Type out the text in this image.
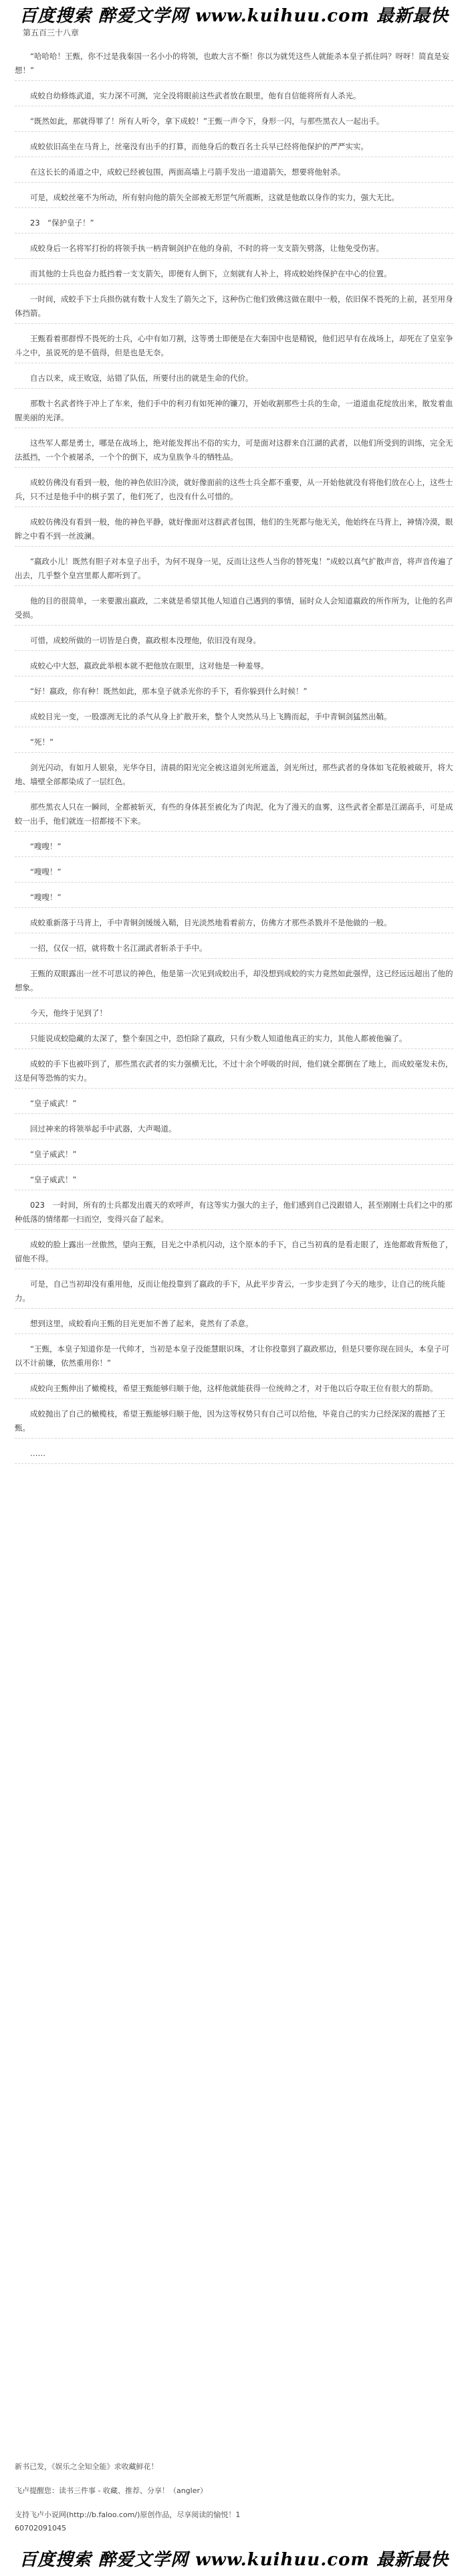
百度搜索 醉爱文学网 www.kuihuu.com 最新最快
第五百三十八章

“哈哈哈！王甄，你不过是我秦国一名小小的将领，也敢大言不惭！你以为就凭这些人就能杀本皇子抓住吗？呀呀！简直是妄想！”

成蛟自幼修炼武道，实力深不可测，完全没将眼前这些武者放在眼里，他有自信能将所有人杀光。

“既然如此，那就得罪了！所有人听令，拿下成蛟！”王甄一声令下，身形一闪，与那些黑衣人一起出手。

成蛟依旧高坐在马背上，丝毫没有出手的打算，而他身后的数百名士兵早已经将他保护的严严实实。

在这长长的甬道之中，成蛟已经被包围，两面高墙上弓箭手发出一道道箭矢，想要将他射杀。

可是，成蛟丝毫不为所动，所有射向他的箭矢全部被无形罡气所震断，这就是他敢以身作的实力，强大无比。

23　“保护皇子！”

成蛟身后一名将军打扮的将领手执一柄青铜剑护在他的身前，不时的将一支支箭矢劈落，让他免受伤害。

而其他的士兵也奋力抵挡着一支支箭矢，即便有人倒下，立刻就有人补上，将成蛟始终保护在中心的位置。

一时间，成蛟手下士兵损伤就有数十人发生了箭矢之下，这种伤亡他们致佛这做在眼中一般，依旧保不畏死的上前，甚至用身体挡箭。

王甄看着那群悍不畏死的士兵，心中有如刀割，这等勇士即便是在大秦国中也是精锐，他们迟早有在战场上，却死在了皇室争斗之中，虽说死的是不值得，但是也是无奈。

自古以来，成王败寇，站错了队伍，所要付出的就是生命的代价。

那数十名武者终于冲上了车来，他们手中的利刃有如死神的镰刀，开始收割那些士兵的生命，一道道血花绽放出来，散发着血腥美丽的光泽。

这些军人都是勇士，哪是在战场上，绝对能发挥出不俗的实力，可是面对这群来自江湖的武者，以他们所受到的训练，完全无法抵挡，一个个被屠杀，一个个的倒下，成为皇族争斗的牺牲品。

成蛟仿佛没有看到一般，他的神色依旧冷淡，就好像面前的这些士兵全都不重要，从一开始他就没有将他们放在心上，这些士兵，只不过是他手中的棋子罢了，他们死了，也没有什么可惜的。

成蛟仿佛没有看到一般，他的神色平静，就好像面对这群武者包围，他们的生死都与他无关，他始终在马背上，神情冷漠，眼眸之中看不到一丝波澜。

“嬴政小儿！既然有胆子对本皇子出手，为何不现身一见，反而让这些人当你的替死鬼！”成蛟以真气扩散声音，将声音传遍了出去，几乎整个皇宫里都人都听到了。

他的目的很简单，一来要激出嬴政，二来就是希望其他人知道自己遇到的事情，届时众人会知道嬴政的所作所为，让他的名声受损。

可惜，成蛟所做的一切皆是白费，嬴政根本没理他，依旧没有现身。

成蛟心中大怒，嬴政此举根本就不把他放在眼里，这对他是一种羞辱。

“好！嬴政，你有种！既然如此，那本皇子就杀光你的手下，看你躲到什么时候！”

成蛟目光一变，一股凛冽无比的杀气从身上扩散开来，整个人突然从马上飞腾而起，手中青铜剑猛然出鞘。

“死！”

剑光闪动，有如月人银泉，光华夺目，清晨的阳光完全被这道剑光所遮盖，剑光所过，那些武者的身体如飞花般被破开，将大地、墙壁全部都染成了一层红色。

那些黑衣人只在一瞬间，全都被斩灭，有些的身体甚至被化为了肉泥，化为了漫天的血雾，这些武者全都是江湖高手，可是成蛟一出手，他们就连一招都接不下来。

“嗖嗖！”

“嗖嗖！”

“嗖嗖！”

成蛟重新落于马背上，手中青铜剑缓缓入鞘，目光淡然地看着前方，仿佛方才那些杀戮并不是他做的一般。

一招，仅仅一招，就将数十名江湖武者斩杀于手中。

王甄的双眼露出一丝不可思议的神色，他是第一次见到成蛟出手，却没想到成蛟的实力竟然如此强悍，这已经远远超出了他的想象。

今天，他终于见到了！

只能说成蛟隐藏的太深了，整个秦国之中，恐怕除了嬴政，只有少数人知道他真正的实力，其他人都被他骗了。

成蛟的手下也被吓到了，那些黑衣武者的实力强横无比，不过十余个呼吸的时间，他们就全都倒在了地上，而成蛟毫发未伤，这是何等恐怖的实力。

“皇子威武！”

回过神来的将领举起手中武器，大声喝道。

“皇子威武！”

“皇子威武！”

023　一时间，所有的士兵都发出震天的欢呼声，有这等实力强大的主子，他们感到自己没跟错人，甚至刚刚士兵们之中的那种低落的情绪都一扫而空，变得兴奋了起来。

成蛟的脸上露出一丝傲然，望向王甄，目光之中杀机闪动，这个原本的手下，自己当初真的是看走眼了，连他都敢背叛他了，留他不得。

可是，自己当初却没有重用他，反而让他投靠到了嬴政的手下，从此平步青云，一步步走到了今天的地步，让自己的统兵能力。

想到这里，成蛟看向王甄的目光更加不善了起来，竟然有了杀意。

“王甄，本皇子知道你是一代帅才，当初是本皇子没能慧眼识珠，才让你投靠到了嬴政那边，但是只要你现在回头，本皇子可以不计前嫌，依然重用你！”

成蛟向王甄伸出了橄榄枝，希望王甄能够归顺于他，这样他就能获得一位统帅之才，对于他以后夺取王位有很大的帮助。

成蛟抛出了自己的橄榄枝，希望王甄能够归顺于他，因为这等权势只有自己可以给他，毕竟自己的实力已经深深的震撼了王甄。

……

新书已发，《娱乐之全知全能》求收藏鲜花！
飞卢提醒您：读书三件事 - 收藏、推荐、分享！（angler）
支持飞卢小说网(http://b.faloo.com/)原创作品，尽享阅读的愉悦！1
60702091045
百度搜索 醉爱文学网 www.kuihuu.com 最新最快
